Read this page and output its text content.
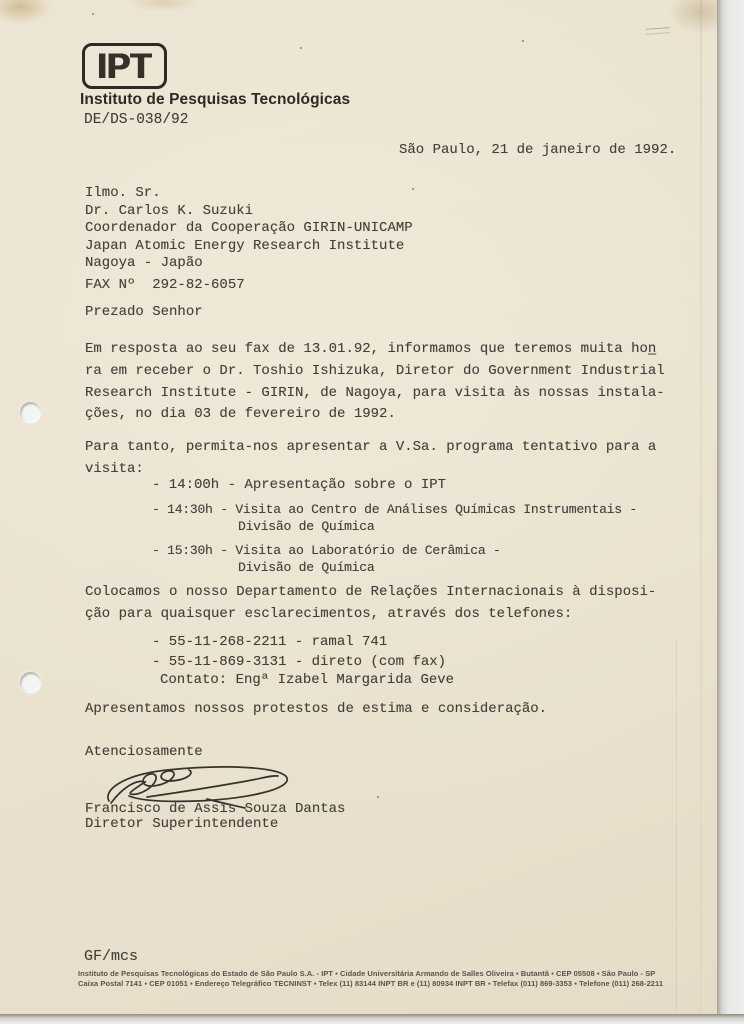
IPT
Instituto de Pesquisas Tecnológicas
DE/DS-038/92
São Paulo, 21 de janeiro de 1992.
Ilmo. Sr.
Dr. Carlos K. Suzuki
Coordenador da Cooperação GIRIN-UNICAMP
Japan Atomic Energy Research Institute
Nagoya - Japão
FAX Nº  292-82-6057
Prezado Senhor
Em resposta ao seu fax de 13.01.92, informamos que teremos muita hon̲
ra em receber o Dr. Toshio Ishizuka, Diretor do Government Industrial
Research Institute - GIRIN, de Nagoya, para visita às nossas instala-
ções, no dia 03 de fevereiro de 1992.
Para tanto, permita-nos apresentar a V.Sa. programa tentativo para a
visita:
- 14:00h - Apresentação sobre o IPT
- 14:30h - Visita ao Centro de Análises Químicas Instrumentais -
Divisão de Química
- 15:30h - Visita ao Laboratório de Cerâmica -
Divisão de Química
Colocamos o nosso Departamento de Relações Internacionais à disposi-
ção para quaisquer esclarecimentos, através dos telefones:
- 55-11-268-2211 - ramal 741
- 55-11-869-3131 - direto (com fax)
Contato: Engª Izabel Margarida Geve
Apresentamos nossos protestos de estima e consideração.
Atenciosamente
Francisco de Assis Souza Dantas
Diretor Superintendente
GF/mcs
Instituto de Pesquisas Tecnológicas do Estado de São Paulo S.A. - IPT ▪ Cidade Universitária Armando de Salles Oliveira ▪ Butantã ▪ CEP 05508 ▪ São Paulo - SP
Caixa Postal 7141 ▪ CEP 01051 ▪ Endereço Telegráfico TECNINST ▪ Telex (11) 83144 INPT BR e (11) 80934 INPT BR ▪ Telefax (011) 869-3353 ▪ Telefone (011) 268-2211
